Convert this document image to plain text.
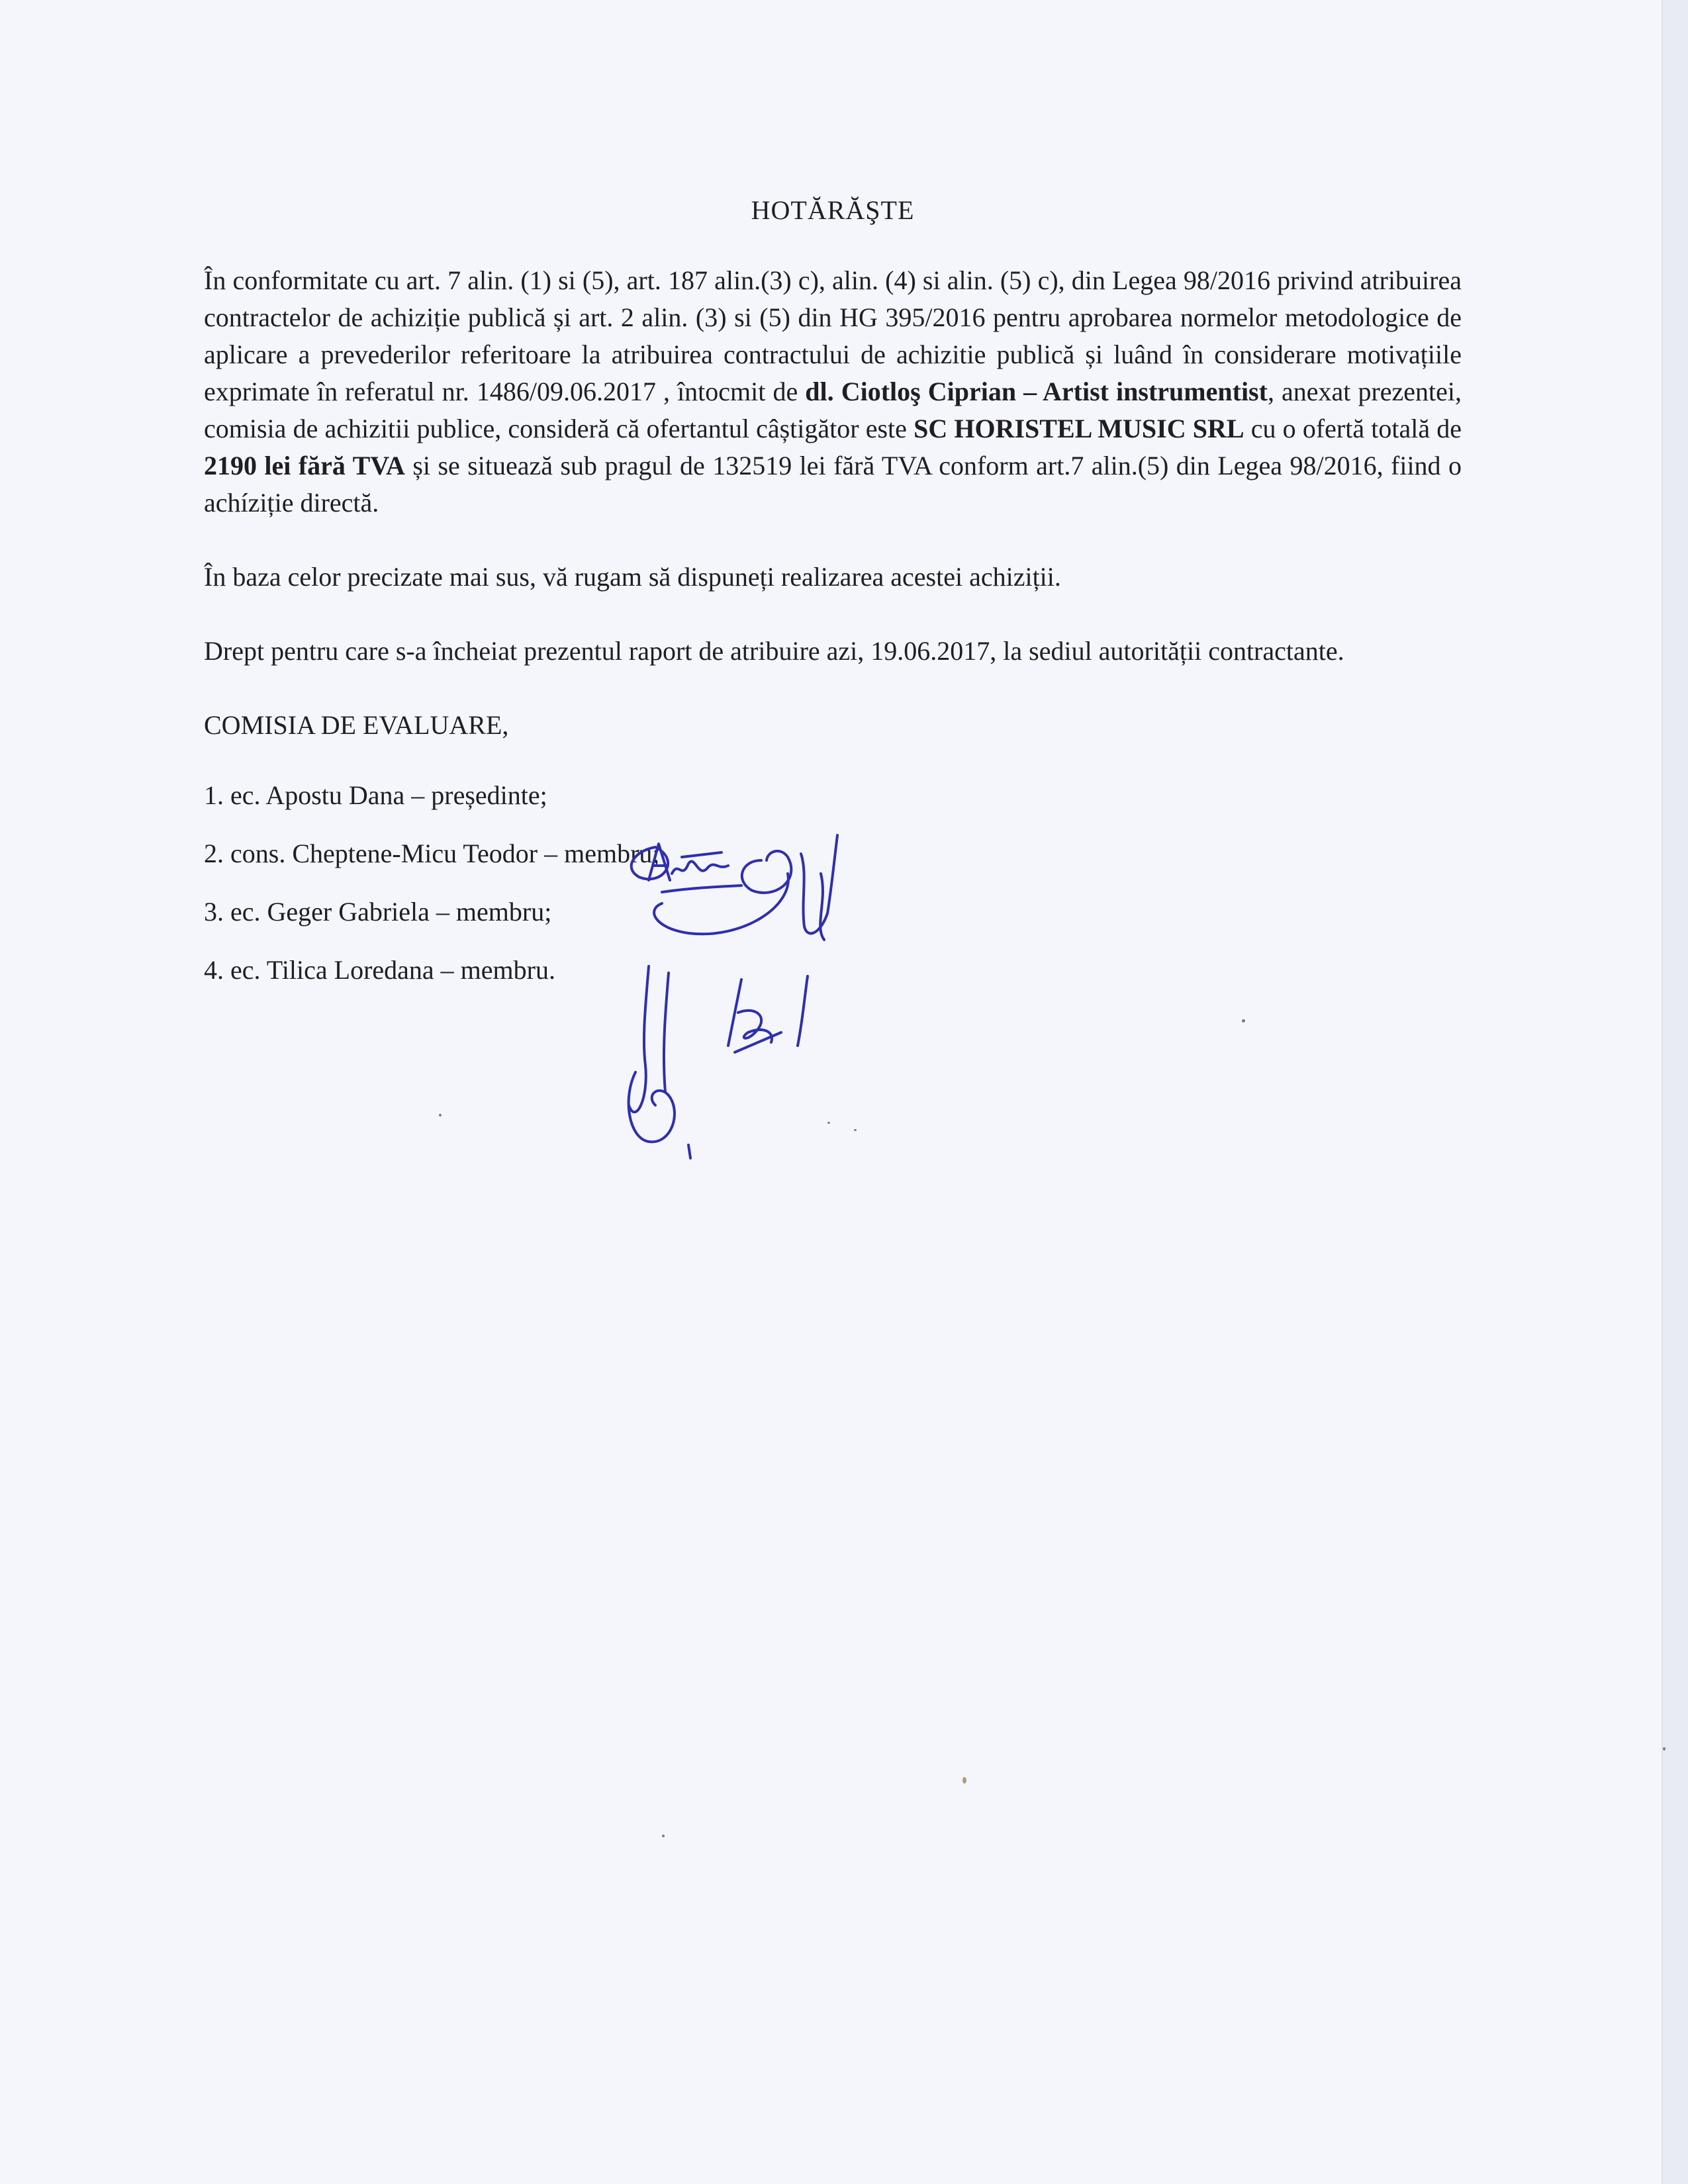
HOTĂRĂŞTE

În conformitate cu art. 7 alin. (1) si (5), art. 187 alin.(3) c), alin. (4) si alin. (5) c), din Legea 98/2016 privind atribuirea contractelor de achiziție publică și art. 2 alin. (3) si (5) din HG 395/2016 pentru aprobarea normelor metodologice de aplicare a prevederilor referitoare la atribuirea contractului de achizitie publică și luând în considerare motivațiile exprimate în referatul nr. 1486/09.06.2017 , întocmit de dl. Ciotloş Ciprian – Artist instrumentist, anexat prezentei, comisia de achizitii publice, consideră că ofertantul câștigător este SC HORISTEL MUSIC SRL cu o ofertă totală de 2190 lei fără TVA și se situează sub pragul de 132519 lei fără TVA conform art.7 alin.(5) din Legea 98/2016, fiind o achíziție directă.

În baza celor precizate mai sus, vă rugam să dispuneți realizarea acestei achiziții.

Drept pentru care s-a încheiat prezentul raport de atribuire azi, 19.06.2017, la sediul autorității contractante.

COMISIA DE EVALUARE,
1. ec. Apostu Dana – președinte;
2. cons. Cheptene-Micu Teodor – membru;
3. ec. Geger Gabriela – membru;
4. ec. Tilica Loredana – membru.
